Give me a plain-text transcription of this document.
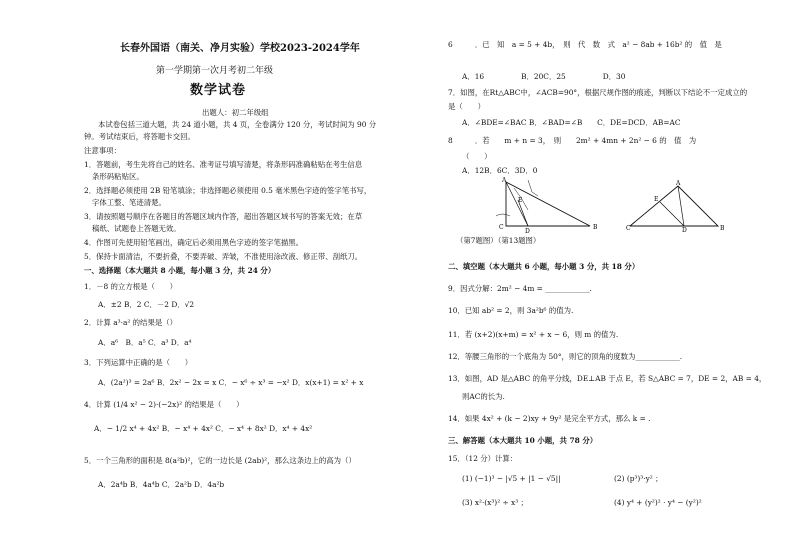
长春外国语（南关、净月实验）学校2023-2024学年
第一学期第一次月考初二年级
数学试卷
出题人：初二年级组
本试卷包括三道大题，共 24 道小题，共 4 页，全卷满分 120 分，考试时间为 90 分
钟。考试结束后，将答题卡交回。
注意事项：
1．答题前，考生先将自己的姓名、准考证号填写清楚，将条形码准确粘贴在考生信息
条形码粘贴区。
2．选择题必须使用 2B 铅笔填涂；非选择题必须使用 0.5 毫米黑色字迹的签字笔书写，
字体工整、笔迹清楚。
3．请按照题号顺序在各题目的答题区域内作答，超出答题区域书写的答案无效；在草
稿纸、试题卷上答题无效。
4．作图可先使用铅笔画出，确定后必须用黑色字迹的签字笔描黑。
5．保持卡面清洁，不要折叠，不要弄破、弄皱，不准使用涂改液、修正带、刮纸刀。
一、选择题（本大题共 8 小题，每小题 3 分，共 24 分）
1．－8 的立方根是（　　）
A．±2 B．2 C．－2 D．√2
2．计算 a³·a² 的结果是（）
A．a⁶　B．a⁵ C．a³ D．a⁴
3．下列运算中正确的是（　　）
A．(2a²)³ = 2a⁶ B．2x² − 2x = x C．− x⁶ ÷ x³ = −x² D．x(x+1) = x² + x
4．计算 (1/4 x² − 2)·(−2x)² 的结果是（　　）
A．− 1/2 x⁴ + 4x² B．− x⁴ + 4x² C．− x⁴ + 8x² D．x⁴ + 4x²
5．一个三角形的面积是 8(a²b)²，它的一边长是 (2ab)²，那么这条边上的高为（）
A．2a⁴b B．4a⁴b C．2a²b D．4a²b
6　　　．已　知　a = 5 + 4b，　则　代　数　式　a² − 8ab + 16b² 的　值　是
A．16　　　　　B．20C．25　　　　　D．30
7．如图，在Rt△ABC中，∠ACB=90°，根据尺规作图的痕迹，判断以下结论不一定成立的
是（　　）
A．∠BDE=∠BAC B．∠BAD=∠B　　C．DE=DCD．AB=AC
8　　　．若　　m + n = 3，　则　　2m² + 4mn + 2n² − 6 的　值　为
（　　）
A．12B．6C．3D．0
A
B
C
D
E
A
B
C	D
E
（第7题图）（第13题图）
二、填空题（本大题共 6 小题，每小题 3 分，共 18 分）
9．因式分解：2m² − 4m = ____________.
10．已知 ab² = 2，则 3a²b⁶ 的值为.
11．若 (x+2)(x+m) = x² + x − 6，则 m 的值为.
12．等腰三角形的一个底角为 50°，则它的顶角的度数为____________.
13．如图，AD 是△ABC 的角平分线，DE⊥AB 于点 E，若 S△ABC = 7，DE = 2，AB = 4，
则AC的长为.
14．如果 4x² + (k − 2)xy + 9y² 是完全平方式，那么 k = .
三、解答题（本大题共 10 小题，共 78 分）
15．（12 分）计算：
(1) (−1)³ − |√5 + |1 − √5||	(2) (p³)³·y² ；
(3) x²·(x³)² ÷ x³ ；	(4) y⁴ + (y²)² · y⁴ − (y²)²
